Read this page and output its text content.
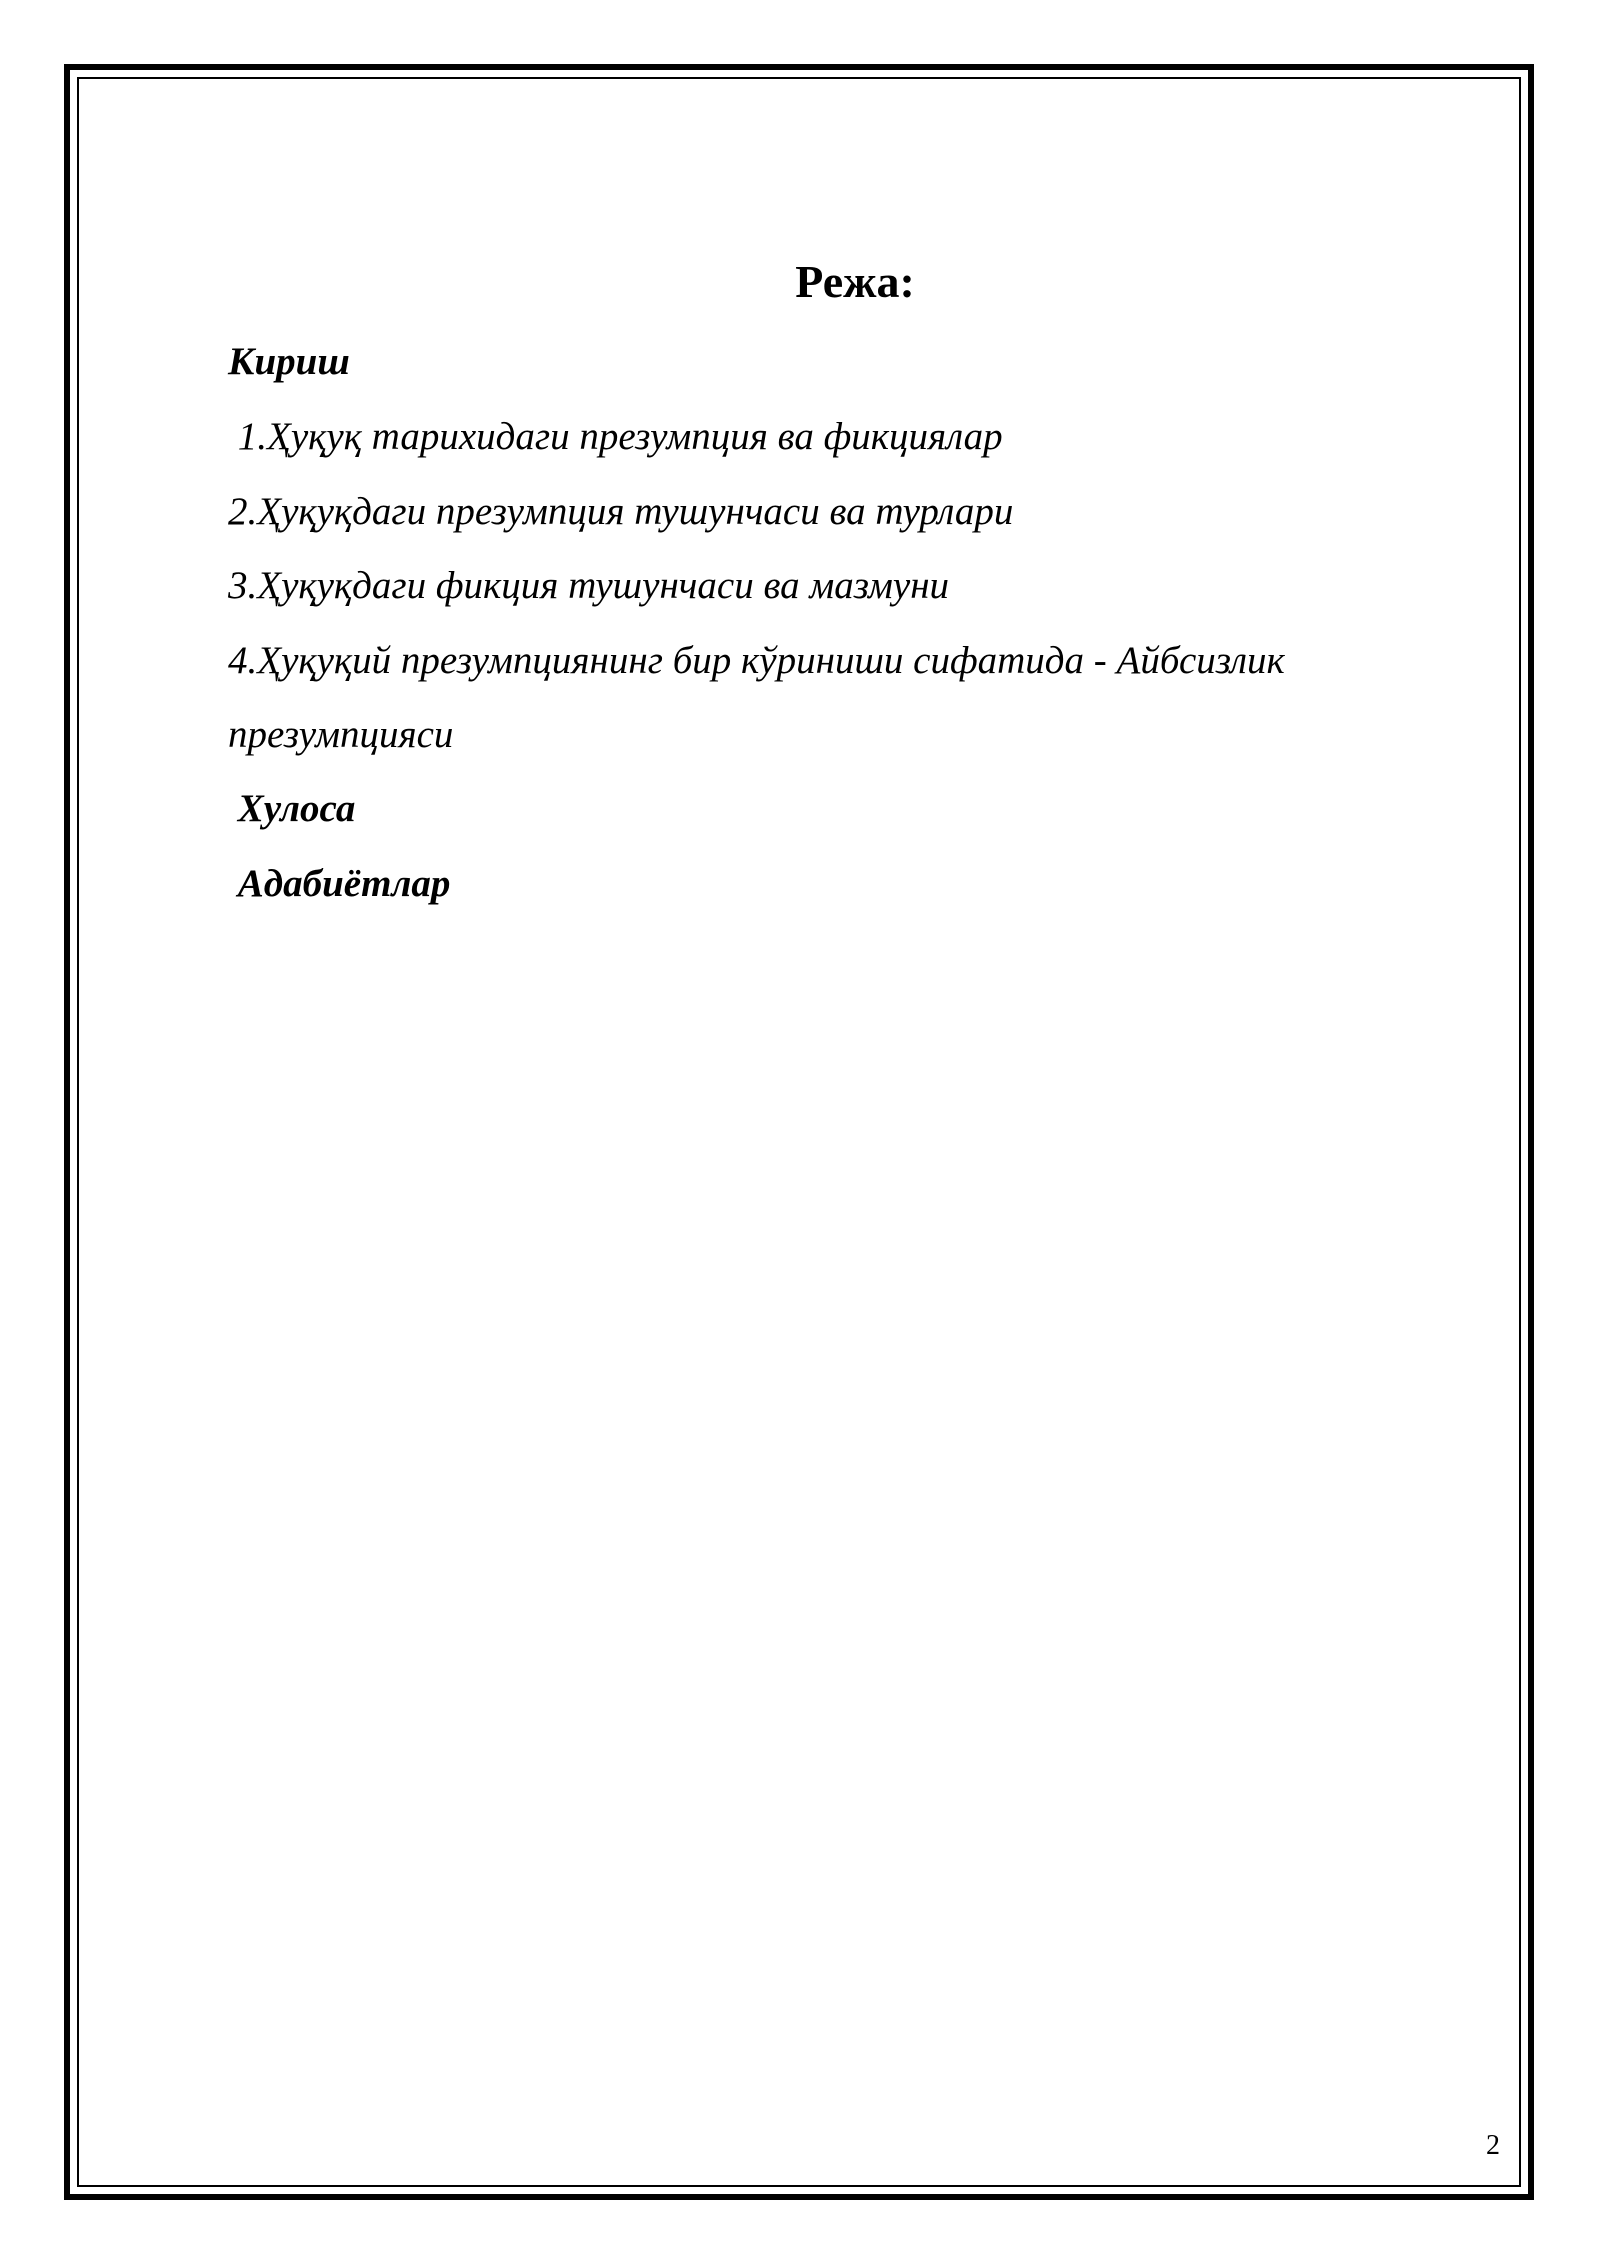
Режа:
Кириш
1.Ҳуқуқ тарихидаги презумпция ва фикциялар
2.Ҳуқуқдаги презумпция тушунчаси ва турлари
3.Ҳуқуқдаги фикция тушунчаси ва мазмуни
4.Ҳуқуқий презумпциянинг бир кўриниши сифатида - Айбсизлик
презумпцияси
Хулоса
Адабиётлар
2
